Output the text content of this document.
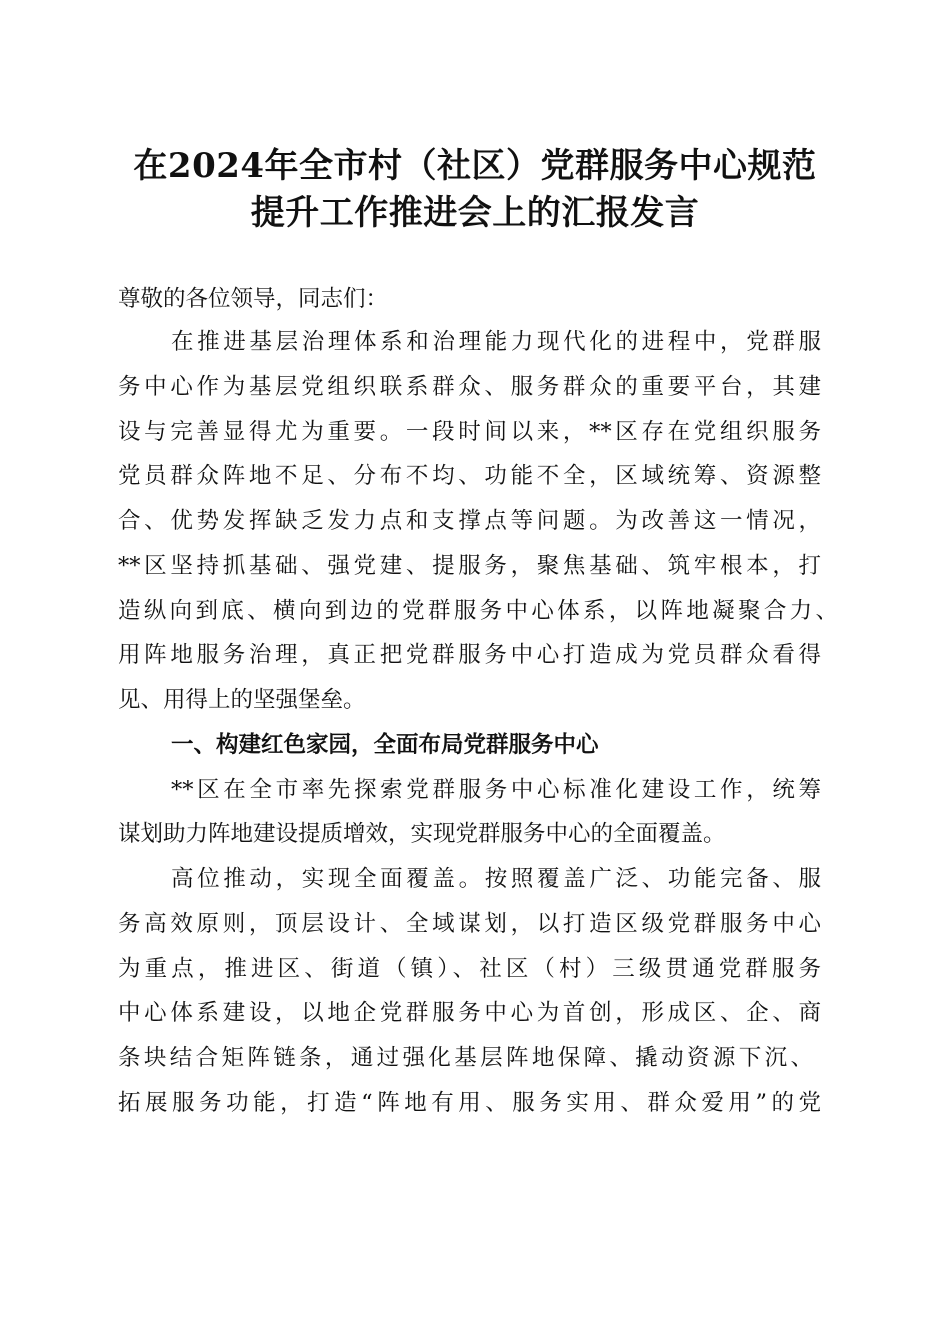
在2024年全市村（社区）党群服务中心规范
提升工作推进会上的汇报发言
尊敬的各位领导，同志们：
在推进基层治理体系和治理能力现代化的进程中，党群服
务中心作为基层党组织联系群众、服务群众的重要平台，其建
设与完善显得尤为重要。一段时间以来，**区存在党组织服务
党员群众阵地不足、分布不均、功能不全，区域统筹、资源整
合、优势发挥缺乏发力点和支撑点等问题。为改善这一情况，
**区坚持抓基础、强党建、提服务，聚焦基础、筑牢根本，打
造纵向到底、横向到边的党群服务中心体系，以阵地凝聚合力、
用阵地服务治理，真正把党群服务中心打造成为党员群众看得
见、用得上的坚强堡垒。
一、构建红色家园，全面布局党群服务中心
**区在全市率先探索党群服务中心标准化建设工作，统筹
谋划助力阵地建设提质增效，实现党群服务中心的全面覆盖。
高位推动，实现全面覆盖。按照覆盖广泛、功能完备、服
务高效原则，顶层设计、全域谋划，以打造区级党群服务中心
为重点，推进区、街道（镇）、社区（村）三级贯通党群服务
中心体系建设，以地企党群服务中心为首创，形成区、企、商
条块结合矩阵链条，通过强化基层阵地保障、撬动资源下沉、
拓展服务功能，打造“阵地有用、服务实用、群众爱用”的党
